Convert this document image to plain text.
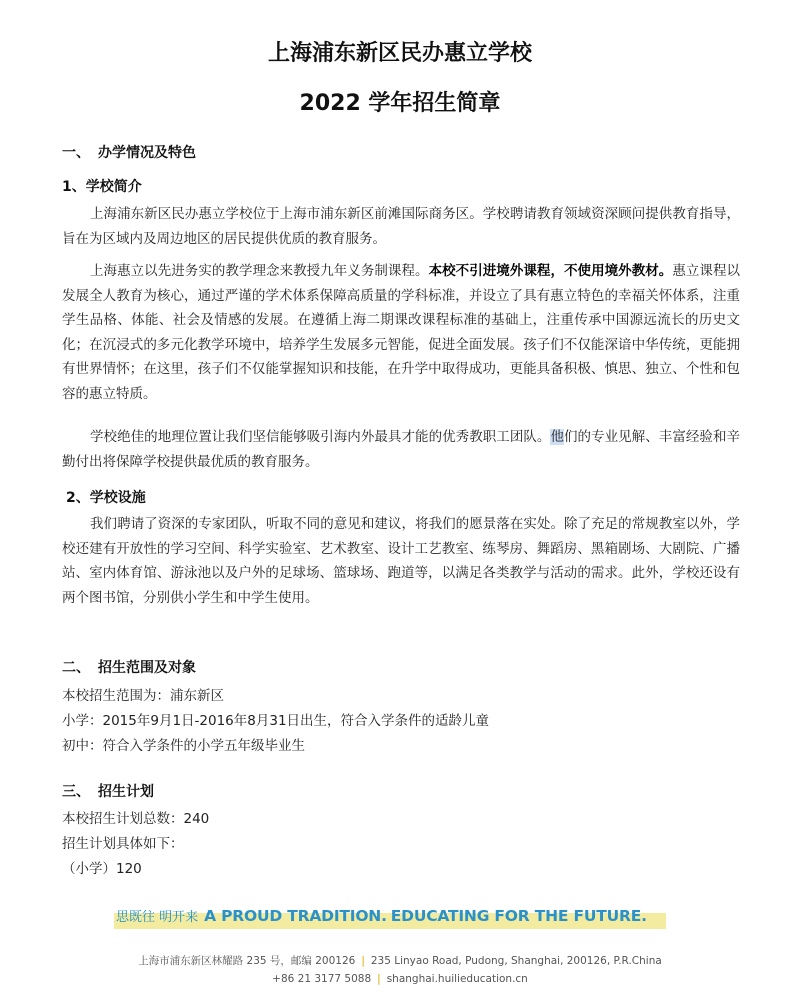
上海浦东新区民办惠立学校
2022 学年招生简章
一、 办学情况及特色
1、学校简介
上海浦东新区民办惠立学校位于上海市浦东新区前滩国际商务区。学校聘请教育领域资深顾问提供教育指导，旨在为区域内及周边地区的居民提供优质的教育服务。
上海惠立以先进务实的教学理念来教授九年义务制课程。本校不引进境外课程，不使用境外教材。惠立课程以发展全人教育为核心，通过严谨的学术体系保障高质量的学科标准，并设立了具有惠立特色的幸福关怀体系，注重学生品格、体能、社会及情感的发展。在遵循上海二期课改课程标准的基础上，注重传承中国源远流长的历史文化；在沉浸式的多元化教学环境中，培养学生发展多元智能，促进全面发展。孩子们不仅能深谙中华传统，更能拥有世界情怀；在这里，孩子们不仅能掌握知识和技能，在升学中取得成功，更能具备积极、慎思、独立、个性和包容的惠立特质。
学校绝佳的地理位置让我们坚信能够吸引海内外最具才能的优秀教职工团队。他们的专业见解、丰富经验和辛勤付出将保障学校提供最优质的教育服务。
2、学校设施
我们聘请了资深的专家团队，听取不同的意见和建议，将我们的愿景落在实处。除了充足的常规教室以外，学校还建有开放性的学习空间、科学实验室、艺术教室、设计工艺教室、练琴房、舞蹈房、黑箱剧场、大剧院、广播站、室内体育馆、游泳池以及户外的足球场、篮球场、跑道等，以满足各类教学与活动的需求。此外，学校还设有两个图书馆，分别供小学生和中学生使用。
二、 招生范围及对象
本校招生范围为：浦东新区
小学：2015年9月1日-2016年8月31日出生，符合入学条件的适龄儿童
初中：符合入学条件的小学五年级毕业生
三、 招生计划
本校招生计划总数：240
招生计划具体如下：
（小学）120
思既往 明开来 A PROUD TRADITION. EDUCATING FOR THE FUTURE.
上海市浦东新区林耀路 235 号，邮编 200126 | 235 Linyao Road, Pudong, Shanghai, 200126, P.R.China
+86 21 3177 5088 | shanghai.huilieducation.cn
